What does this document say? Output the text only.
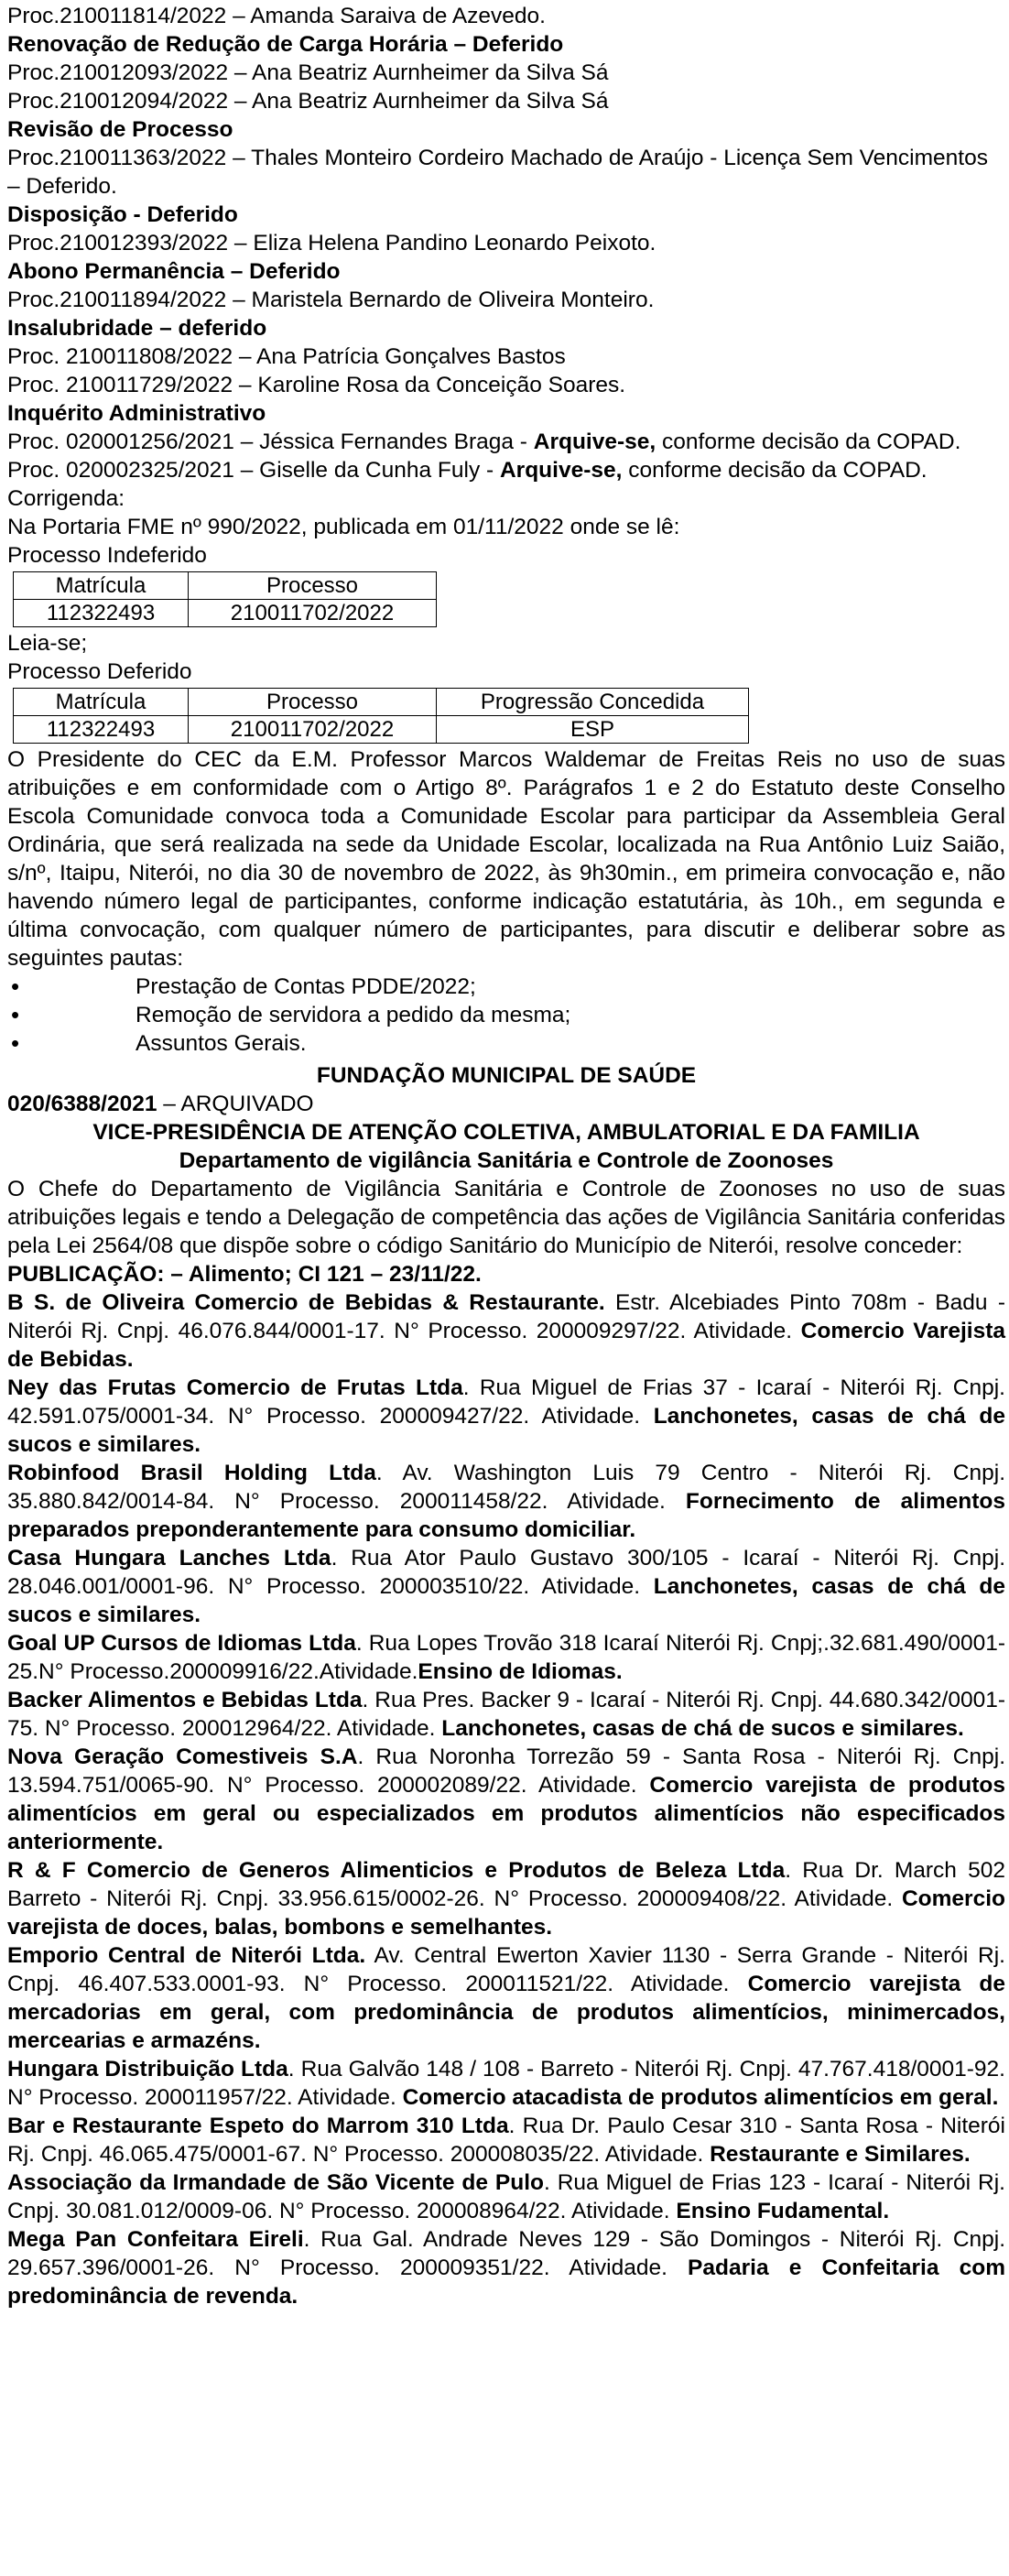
Proc.210011814/2022 – Amanda Saraiva de Azevedo.

Renovação de Redução de Carga Horária – Deferido

Proc.210012093/2022 – Ana Beatriz Aurnheimer da Silva Sá

Proc.210012094/2022 – Ana Beatriz Aurnheimer da Silva Sá

Revisão de Processo

Proc.210011363/2022 – Thales Monteiro Cordeiro Machado de Araújo - Licença Sem Vencimentos – Deferido.

Disposição - Deferido

Proc.210012393/2022 – Eliza Helena Pandino Leonardo Peixoto.

Abono Permanência – Deferido

Proc.210011894/2022 – Maristela Bernardo de Oliveira Monteiro.

Insalubridade – deferido

Proc. 210011808/2022 – Ana Patrícia Gonçalves Bastos

Proc. 210011729/2022 – Karoline Rosa da Conceição Soares.

Inquérito Administrativo

Proc. 020001256/2021 – Jéssica Fernandes Braga - Arquive-se, conforme decisão da COPAD.

Proc. 020002325/2021 – Giselle da Cunha Fuly - Arquive-se, conforme decisão da COPAD.

Corrigenda:

Na Portaria FME nº 990/2022, publicada em 01/11/2022 onde se lê:

Processo Indeferido

Matrícula	Processo
112322493	210011702/2022

Leia-se;

Processo Deferido

Matrícula	Processo	Progressão Concedida
112322493	210011702/2022	ESP

O Presidente do CEC da E.M. Professor Marcos Waldemar de Freitas Reis no uso de suas atribuições e em conformidade com o Artigo 8º. Parágrafos 1 e 2 do Estatuto deste Conselho Escola Comunidade convoca toda a Comunidade Escolar para participar da Assembleia Geral Ordinária, que será realizada na sede da Unidade Escolar, localizada na Rua Antônio Luiz Saião, s/nº, Itaipu, Niterói, no dia 30 de novembro de 2022, às 9h30min., em primeira convocação e, não havendo número legal de participantes, conforme indicação estatutária, às 10h., em segunda e última convocação, com qualquer número de participantes, para discutir e deliberar sobre as seguintes pautas:

• Prestação de Contas PDDE/2022;
• Remoção de servidora a pedido da mesma;
• Assuntos Gerais.

FUNDAÇÃO MUNICIPAL DE SAÚDE

020/6388/2021 – ARQUIVADO

VICE-PRESIDÊNCIA DE ATENÇÃO COLETIVA, AMBULATORIAL E DA FAMILIA

Departamento de vigilância Sanitária e Controle de Zoonoses

O Chefe do Departamento de Vigilância Sanitária e Controle de Zoonoses no uso de suas atribuições legais e tendo a Delegação de competência das ações de Vigilância Sanitária conferidas pela Lei 2564/08 que dispõe sobre o código Sanitário do Município de Niterói, resolve conceder:

PUBLICAÇÃO: – Alimento; CI 121 – 23/11/22.

B S. de Oliveira Comercio de Bebidas & Restaurante. Estr. Alcebiades Pinto 708m - Badu - Niterói Rj. Cnpj. 46.076.844/0001-17. N° Processo. 200009297/22. Atividade. Comercio Varejista de Bebidas.

Ney das Frutas Comercio de Frutas Ltda. Rua Miguel de Frias 37 - Icaraí - Niterói Rj. Cnpj. 42.591.075/0001-34. N° Processo. 200009427/22. Atividade. Lanchonetes, casas de chá de sucos e similares.

Robinfood Brasil Holding Ltda. Av. Washington Luis 79 Centro - Niterói Rj. Cnpj. 35.880.842/0014-84. N° Processo. 200011458/22. Atividade. Fornecimento de alimentos preparados preponderantemente para consumo domiciliar.

Casa Hungara Lanches Ltda. Rua Ator Paulo Gustavo 300/105 - Icaraí - Niterói Rj. Cnpj. 28.046.001/0001-96. N° Processo. 200003510/22. Atividade. Lanchonetes, casas de chá de sucos e similares.

Goal UP Cursos de Idiomas Ltda. Rua Lopes Trovão 318 Icaraí Niterói Rj. Cnpj;.32.681.490/0001-25.N° Processo.200009916/22.Atividade.Ensino de Idiomas.

Backer Alimentos e Bebidas Ltda. Rua Pres. Backer 9 - Icaraí - Niterói Rj. Cnpj. 44.680.342/0001-75. N° Processo. 200012964/22. Atividade. Lanchonetes, casas de chá de sucos e similares.

Nova Geração Comestiveis S.A. Rua Noronha Torrezão 59 - Santa Rosa - Niterói Rj. Cnpj. 13.594.751/0065-90. N° Processo. 200002089/22. Atividade. Comercio varejista de produtos alimentícios em geral ou especializados em produtos alimentícios não especificados anteriormente.

R & F Comercio de Generos Alimenticios e Produtos de Beleza Ltda. Rua Dr. March 502 Barreto - Niterói Rj. Cnpj. 33.956.615/0002-26. N° Processo. 200009408/22. Atividade. Comercio varejista de doces, balas, bombons e semelhantes.

Emporio Central de Niterói Ltda. Av. Central Ewerton Xavier 1130 - Serra Grande - Niterói Rj. Cnpj. 46.407.533.0001-93. N° Processo. 200011521/22. Atividade. Comercio varejista de mercadorias em geral, com predominância de produtos alimentícios, minimercados, mercearias e armazéns.

Hungara Distribuição Ltda. Rua Galvão 148 / 108 - Barreto - Niterói Rj. Cnpj. 47.767.418/0001-92. N° Processo. 200011957/22. Atividade. Comercio atacadista de produtos alimentícios em geral.

Bar e Restaurante Espeto do Marrom 310 Ltda. Rua Dr. Paulo Cesar 310 - Santa Rosa - Niterói Rj. Cnpj. 46.065.475/0001-67. N° Processo. 200008035/22. Atividade. Restaurante e Similares.

Associação da Irmandade de São Vicente de Pulo. Rua Miguel de Frias 123 - Icaraí - Niterói Rj. Cnpj. 30.081.012/0009-06. N° Processo. 200008964/22. Atividade. Ensino Fudamental.

Mega Pan Confeitara Eireli. Rua Gal. Andrade Neves 129 - São Domingos - Niterói Rj. Cnpj. 29.657.396/0001-26. N° Processo. 200009351/22. Atividade. Padaria e Confeitaria com predominância de revenda.
